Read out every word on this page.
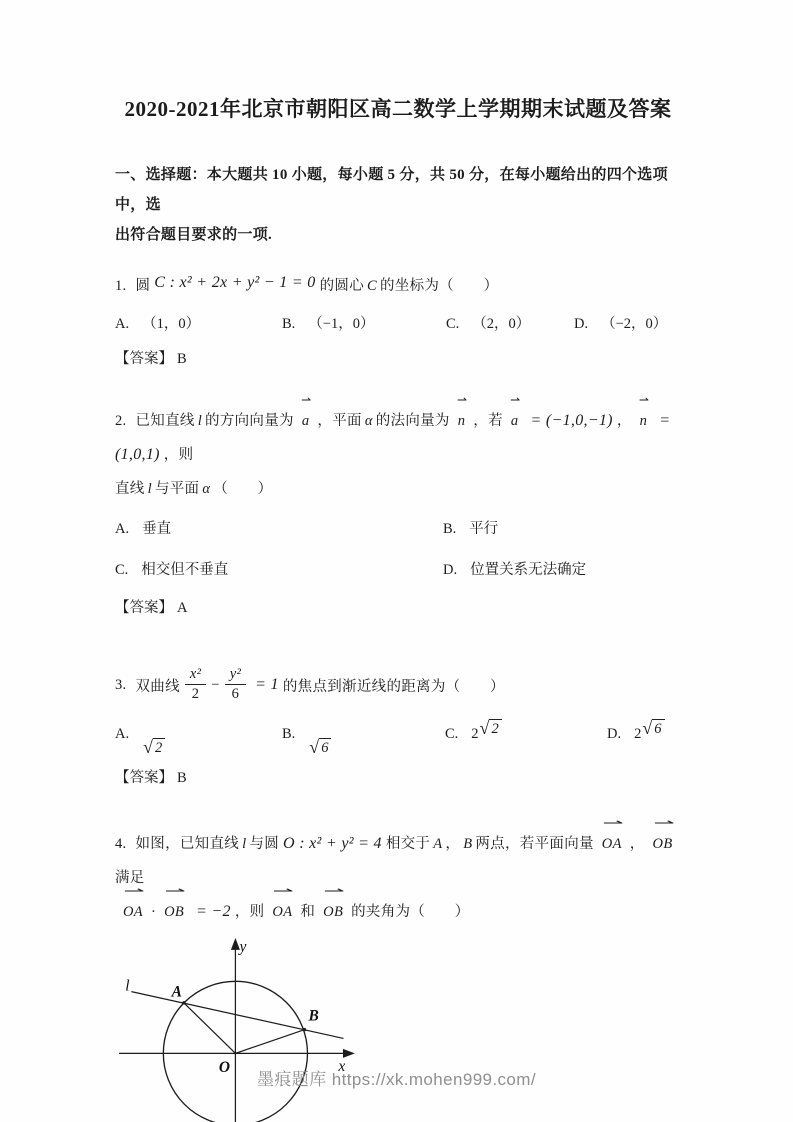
2020-2021年北京市朝阳区高二数学上学期期末试题及答案
一、选择题：本大题共 10 小题，每小题 5 分，共 50 分，在每小题给出的四个选项中，选
出符合题目要求的一项.
1. 圆 C : x² + 2x + y² − 1 = 0 的圆心 C 的坐标为（　　）
A. （1，0）	B. （−1，0）	C. （2，0）	D. （−2，0）
【答案】 B
2. 已知直线 l 的方向向量为
⇀
a ，平面 α 的法向量为
⇀
n ，若
⇀
a = (−1,0,−1) ，
⇀
n = (1,0,1) ，则
直线 l 与平面 α （　　）
A. 垂直	B. 平行
C. 相交但不垂直	D. 位置关系无法确定
【答案】 A
3. 双曲线 $\frac{\text{x²}}{2} - \frac{\text{y²}}{6} = 1$ 的焦点到渐近线的距离为（　　）
A.
√ 2
B.
√ 6
C. 2 √ 2	D. 2 √ 6
【答案】 B
4. 如图，已知直线 l 与圆 O : x² + y² = 4 相交于 A ， B 两点，若平面向量
⇀
OA ，
⇀
OB满足
⇀
OA ·
⇀
OB = −2 ，则
⇀
OA 和
⇀
OB 的夹角为（　　）
l	A
B
O	x
y
墨痕题库 https://xk.mohen999.com/
